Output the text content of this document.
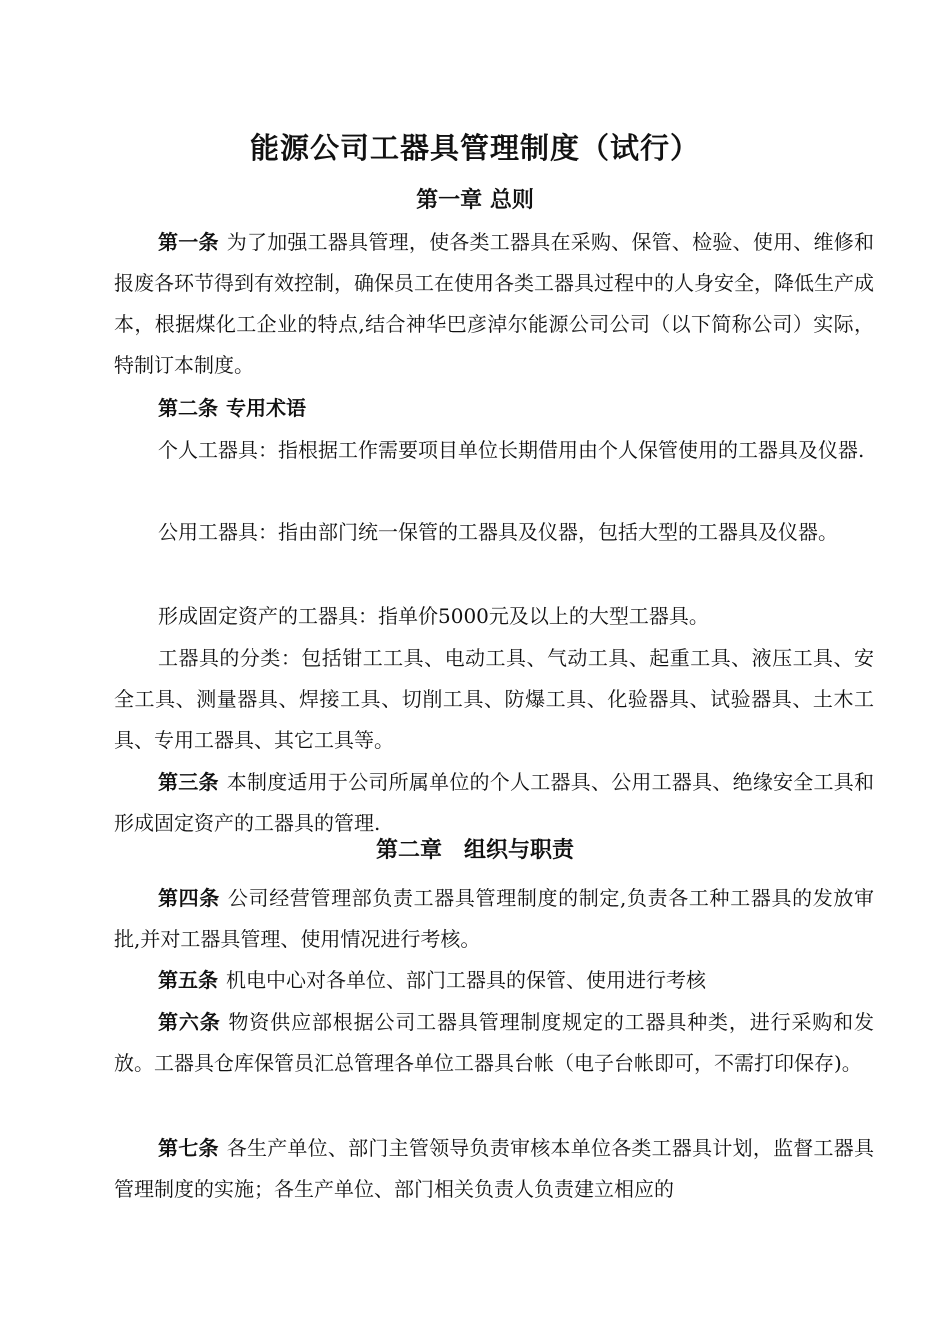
能源公司工器具管理制度（试行）
第一章 总则

第一条 为了加强工器具管理，使各类工器具在采购、保管、检验、使用、维修和报废各环节得到有效控制，确保员工在使用各类工器具过程中的人身安全，降低生产成本，根据煤化工企业的特点,结合神华巴彦淖尔能源公司公司（以下简称公司）实际，特制订本制度。

第二条 专用术语

个人工器具：指根据工作需要项目单位长期借用由个人保管使用的工器具及仪器.

公用工器具：指由部门统一保管的工器具及仪器，包括大型的工器具及仪器。

形成固定资产的工器具：指单价5000元及以上的大型工器具。

工器具的分类：包括钳工工具、电动工具、气动工具、起重工具、液压工具、安全工具、测量器具、焊接工具、切削工具、防爆工具、化验器具、试验器具、土木工具、专用工器具、其它工具等。

第三条 本制度适用于公司所属单位的个人工器具、公用工器具、绝缘安全工具和形成固定资产的工器具的管理.

第二章　组织与职责

第四条 公司经营管理部负责工器具管理制度的制定,负责各工种工器具的发放审批,并对工器具管理、使用情况进行考核。

第五条 机电中心对各单位、部门工器具的保管、使用进行考核

第六条 物资供应部根据公司工器具管理制度规定的工器具种类，进行采购和发放。工器具仓库保管员汇总管理各单位工器具台帐（电子台帐即可，不需打印保存)。

第七条 各生产单位、部门主管领导负责审核本单位各类工器具计划，监督工器具管理制度的实施；各生产单位、部门相关负责人负责建立相应的
